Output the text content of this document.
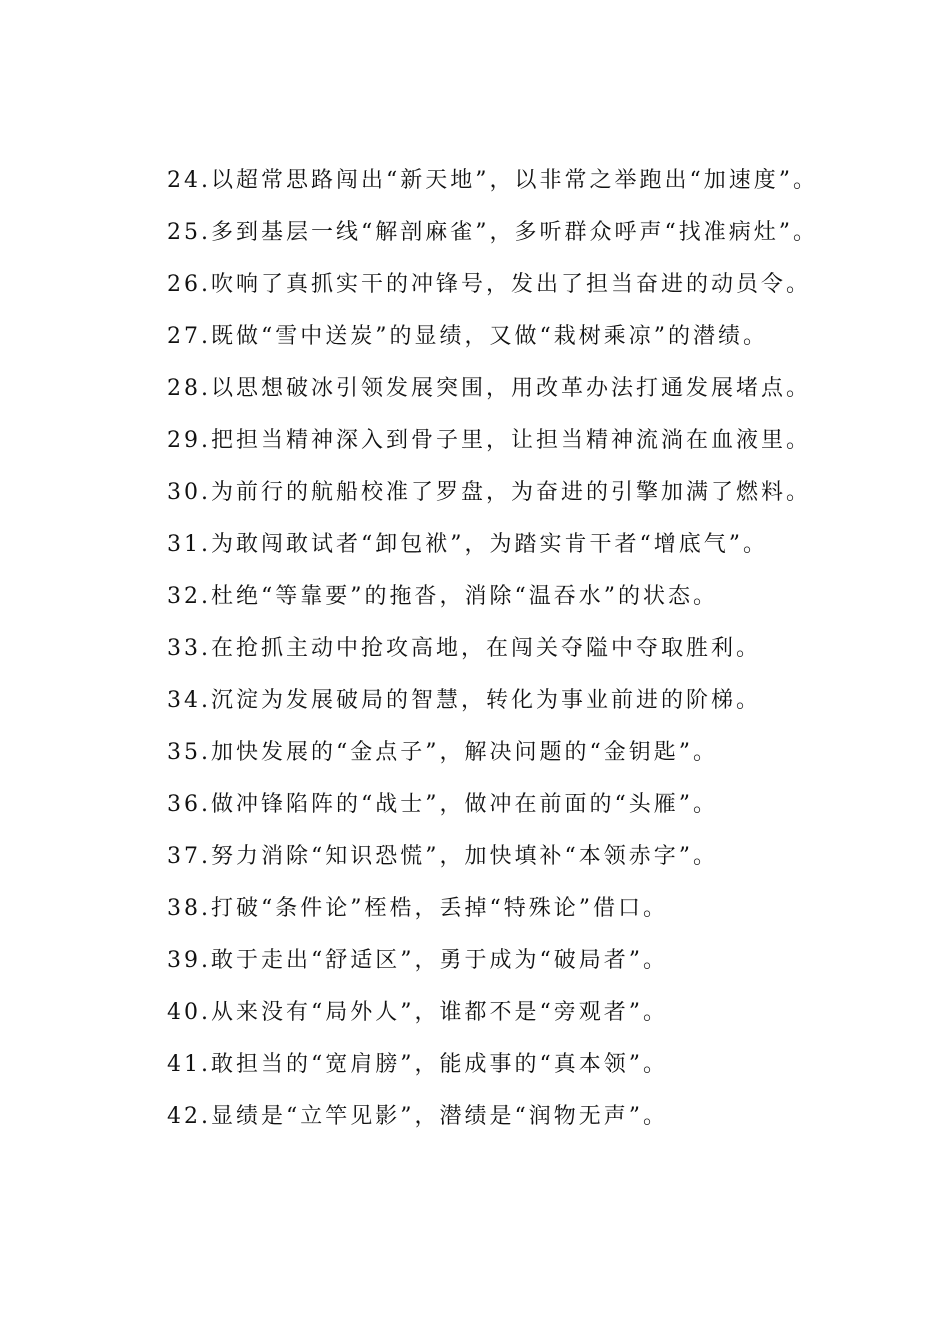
24.以超常思路闯出“新天地”，以非常之举跑出“加速度”。

25.多到基层一线“解剖麻雀”，多听群众呼声“找准病灶”。

26.吹响了真抓实干的冲锋号，发出了担当奋进的动员令。

27.既做“雪中送炭”的显绩，又做“栽树乘凉”的潜绩。

28.以思想破冰引领发展突围，用改革办法打通发展堵点。

29.把担当精神深入到骨子里，让担当精神流淌在血液里。

30.为前行的航船校准了罗盘，为奋进的引擎加满了燃料。

31.为敢闯敢试者“卸包袱”，为踏实肯干者“增底气”。

32.杜绝“等靠要”的拖沓，消除“温吞水”的状态。

33.在抢抓主动中抢攻高地，在闯关夺隘中夺取胜利。

34.沉淀为发展破局的智慧，转化为事业前进的阶梯。

35.加快发展的“金点子”，解决问题的“金钥匙”。

36.做冲锋陷阵的“战士”，做冲在前面的“头雁”。

37.努力消除“知识恐慌”，加快填补“本领赤字”。

38.打破“条件论”桎梏，丢掉“特殊论”借口。

39.敢于走出“舒适区”，勇于成为“破局者”。

40.从来没有“局外人”，谁都不是“旁观者”。

41.敢担当的“宽肩膀”，能成事的“真本领”。

42.显绩是“立竿见影”，潜绩是“润物无声”。
